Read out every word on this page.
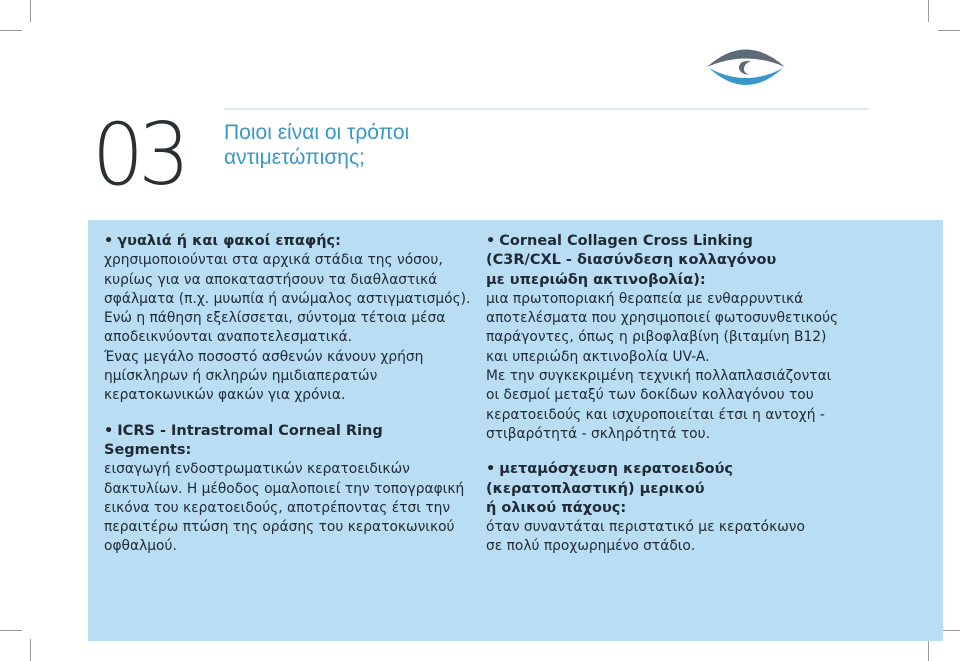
03 Ποιοι είναι οι τρόποι
αντιμετώπισης;
• γυαλιά ή και φακοί επαφής:
χρησιμοποιούνται στα αρχικά στάδια της νόσου,
κυρίως για να αποκαταστήσουν τα διαθλαστικά
σφάλματα (π.χ. μυωπία ή ανώμαλος αστιγματισμός).
Ενώ η πάθηση εξελίσσεται, σύντομα τέτοια μέσα
αποδεικνύονται αναποτελεσματικά.
Ένας μεγάλο ποσοστό ασθενών κάνουν χρήση
ημίσκληρων ή σκληρών ημιδιαπερατών
κερατοκωνικών φακών για χρόνια.
• ICRS - Intrastromal Corneal Ring
Segments:
εισαγωγή ενδοστρωματικών κερατοειδικών
δακτυλίων. Η μέθοδος ομαλοποιεί την τοπογραφική
εικόνα του κερατοειδούς, αποτρέποντας έτσι την
περαιτέρω πτώση της οράσης του κερατοκωνικού
οφθαλμού.
• Corneal Collagen Cross Linking
(C3R/CXL - διασύνδεση κολλαγόνου
με υπεριώδη ακτινοβολία):
μια πρωτοποριακή θεραπεία με ενθαρρυντικά
αποτελέσματα που χρησιμοποιεί φωτοσυνθετικούς
παράγοντες, όπως η ριβοφλαβίνη (βιταμίνη Β12)
και υπεριώδη ακτινοβολία UV-A.
Με την συγκεκριμένη τεχνική πολλαπλασιάζονται
οι δεσμοί μεταξύ των δοκίδων κολλαγόνου του
κερατοειδούς και ισχυροποιείται έτσι η αντοχή -
στιβαρότητά - σκληρότητά του.
• μεταμόσχευση κερατοειδούς
(κερατοπλαστική) μερικού
ή ολικού πάχους:
όταν συναντάται περιστατικό με κερατόκωνο
σε πολύ προχωρημένο στάδιο.
